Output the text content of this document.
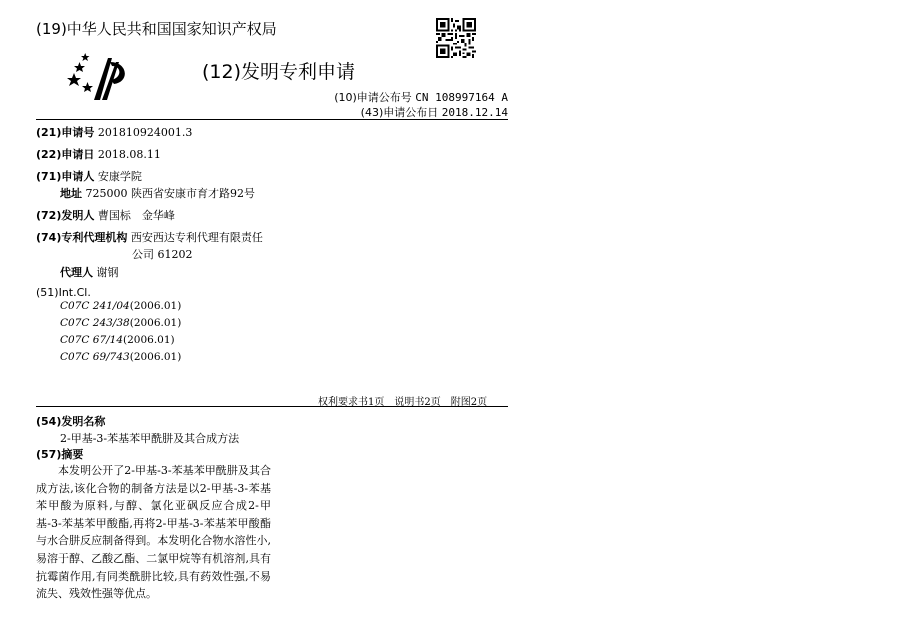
(19)中华人民共和国国家知识产权局
(12)发明专利申请
(10)申请公布号 CN 108997164 A
(43)申请公布日 2018.12.14
(21)申请号 201810924001.3
(22)申请日 2018.08.11
(71)申请人 安康学院
地址 725000 陕西省安康市育才路92号
(72)发明人 曹国标　金华峰
(74)专利代理机构 西安西达专利代理有限责任
公司 61202
代理人 谢钢
(51)Int.Cl.
C07C 241/04(2006.01)
C07C 243/38(2006.01)
C07C 67/14(2006.01)
C07C 69/743(2006.01)
权利要求书1页　说明书2页　附图2页
(54)发明名称
2-甲基-3-苯基苯甲酰肼及其合成方法
(57)摘要
本发明公开了2-甲基-3-苯基苯甲酰肼及其合成方法,该化合物的制备方法是以2-甲基-3-苯基苯甲酸为原料,与醇、氯化亚砜反应合成2-甲基-3-苯基苯甲酸酯,再将2-甲基-3-苯基苯甲酸酯与水合肼反应制备得到。本发明化合物水溶性小,易溶于醇、乙酸乙酯、二氯甲烷等有机溶剂,具有抗霉菌作用,有同类酰肼比较,具有药效性强,不易流失、残效性强等优点。
